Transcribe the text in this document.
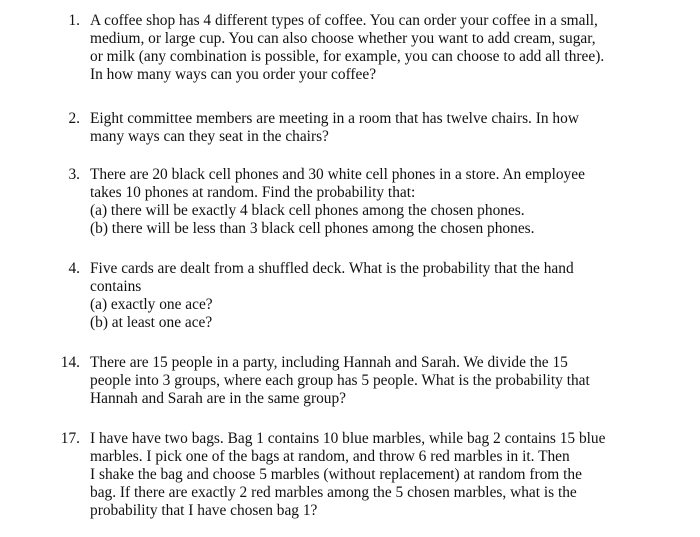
1. A coffee shop has 4 different types of coffee. You can order your coffee in a small,
medium, or large cup. You can also choose whether you want to add cream, sugar,
or milk (any combination is possible, for example, you can choose to add all three).
In how many ways can you order your coffee?
2. Eight committee members are meeting in a room that has twelve chairs. In how
many ways can they seat in the chairs?
3. There are 20 black cell phones and 30 white cell phones in a store. An employee
takes 10 phones at random. Find the probability that:
(a) there will be exactly 4 black cell phones among the chosen phones.
(b) there will be less than 3 black cell phones among the chosen phones.
4. Five cards are dealt from a shuffled deck. What is the probability that the hand
contains
(a) exactly one ace?
(b) at least one ace?
14. There are 15 people in a party, including Hannah and Sarah. We divide the 15
people into 3 groups, where each group has 5 people. What is the probability that
Hannah and Sarah are in the same group?
17. I have have two bags. Bag 1 contains 10 blue marbles, while bag 2 contains 15 blue
marbles. I pick one of the bags at random, and throw 6 red marbles in it. Then
I shake the bag and choose 5 marbles (without replacement) at random from the
bag. If there are exactly 2 red marbles among the 5 chosen marbles, what is the
probability that I have chosen bag 1?
